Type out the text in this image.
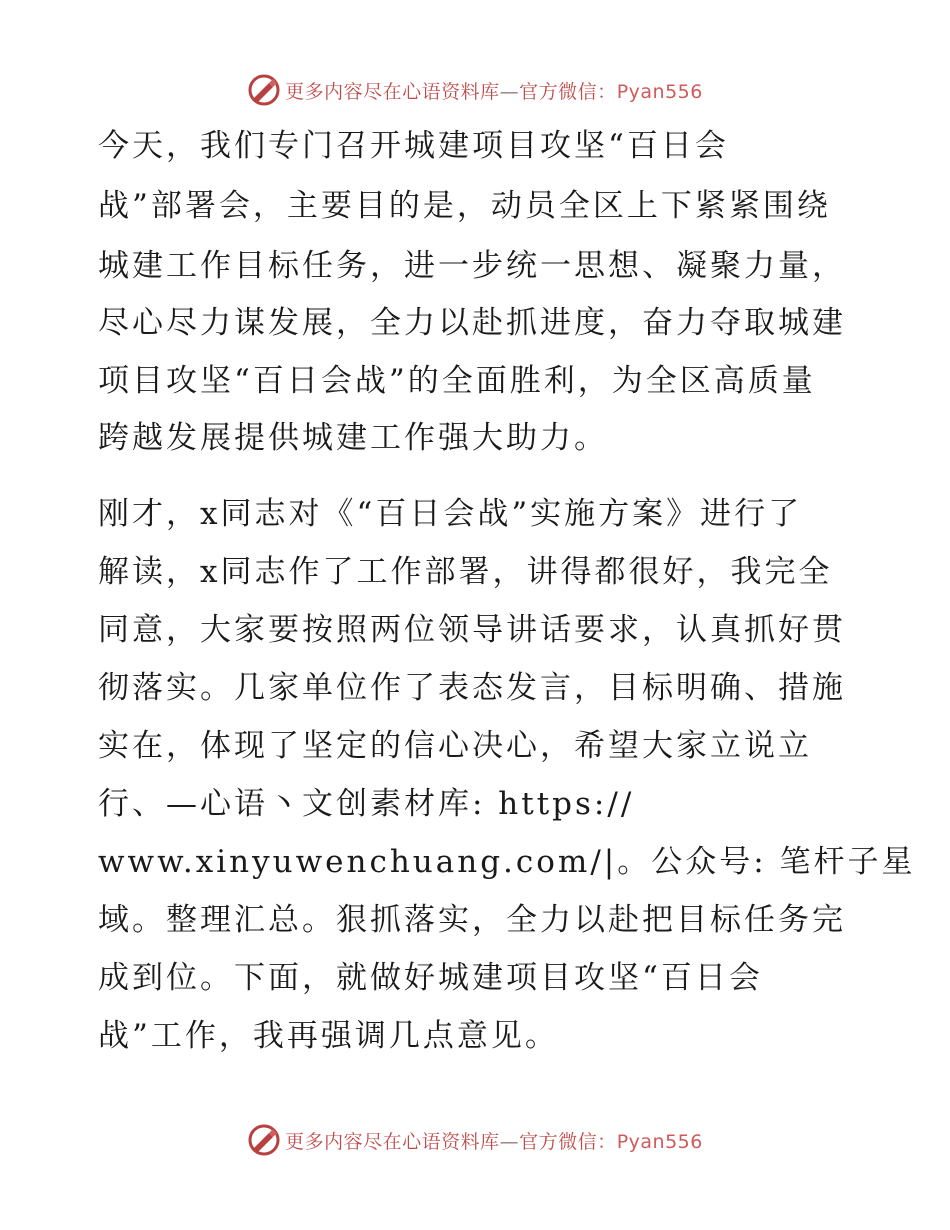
更多内容尽在心语资料库—官方微信：Pyan556
今天，我们专门召开城建项目攻坚“百日会
战”部署会，主要目的是，动员全区上下紧紧围绕
城建工作目标任务，进一步统一思想、凝聚力量，
尽心尽力谋发展，全力以赴抓进度，奋力夺取城建
项目攻坚“百日会战”的全面胜利，为全区高质量
跨越发展提供城建工作强大助力。
刚才，x同志对《“百日会战”实施方案》进行了
解读，x同志作了工作部署，讲得都很好，我完全
同意，大家要按照两位领导讲话要求，认真抓好贯
彻落实。几家单位作了表态发言，目标明确、措施
实在，体现了坚定的信心决心，希望大家立说立
行、—心语丶文创素材库: https://
www.xinyuwenchuang.com/|。公众号: 笔杆子星
域。整理汇总。狠抓落实，全力以赴把目标任务完
成到位。下面，就做好城建项目攻坚“百日会
战”工作，我再强调几点意见。
更多内容尽在心语资料库—官方微信：Pyan556
